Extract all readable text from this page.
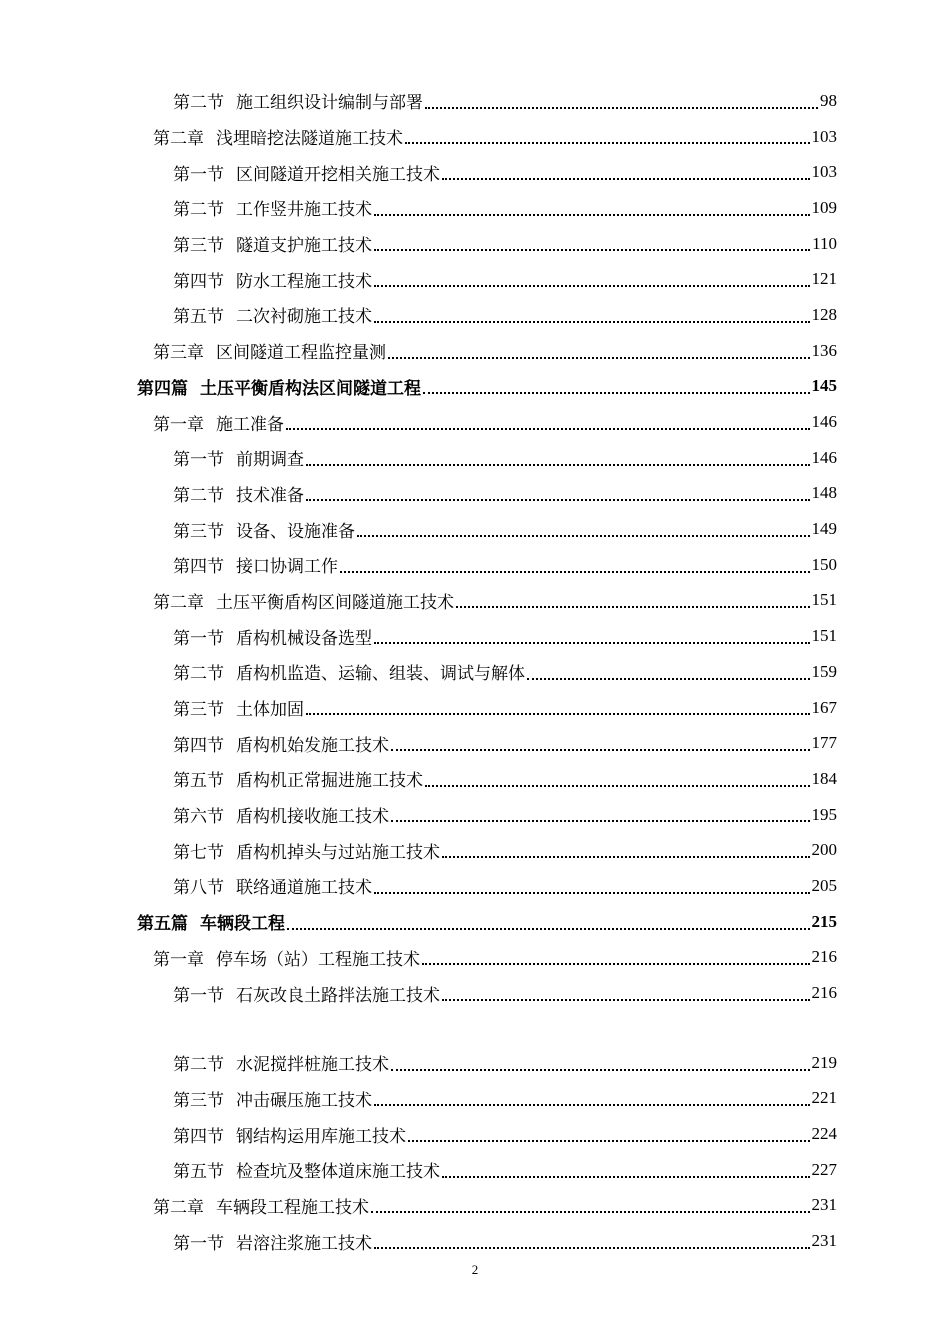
第二节 施工组织设计编制与部署	98
第二章 浅埋暗挖法隧道施工技术	103
第一节 区间隧道开挖相关施工技术	103
第二节 工作竖井施工技术	109
第三节 隧道支护施工技术	110
第四节 防水工程施工技术	121
第五节 二次衬砌施工技术	128
第三章 区间隧道工程监控量测	136
第四篇 土压平衡盾构法区间隧道工程	145
第一章 施工准备	146
第一节 前期调查	146
第二节 技术准备	148
第三节 设备、设施准备	149
第四节 接口协调工作	150
第二章 土压平衡盾构区间隧道施工技术	151
第一节 盾构机械设备选型	151
第二节 盾构机监造、运输、组装、调试与解体	159
第三节 土体加固	167
第四节 盾构机始发施工技术	177
第五节 盾构机正常掘进施工技术	184
第六节 盾构机接收施工技术	195
第七节 盾构机掉头与过站施工技术	200
第八节 联络通道施工技术	205
第五篇 车辆段工程	215
第一章 停车场（站）工程施工技术	216
第一节 石灰改良土路拌法施工技术	216
第二节 水泥搅拌桩施工技术	219
第三节 冲击碾压施工技术	221
第四节 钢结构运用库施工技术	224
第五节 检查坑及整体道床施工技术	227
第二章 车辆段工程施工技术	231
第一节 岩溶注浆施工技术	231
2
